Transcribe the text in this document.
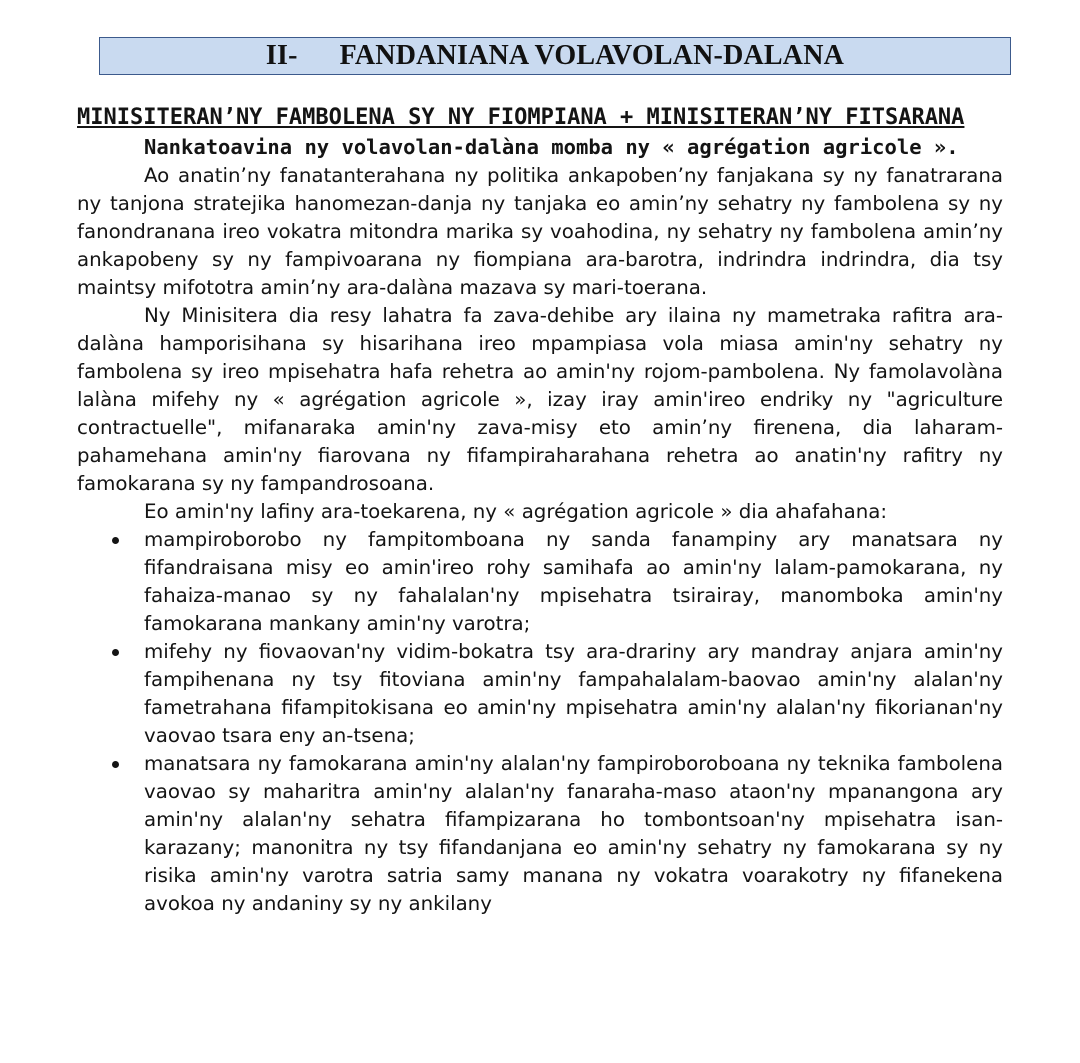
II- FANDANIANA VOLAVOLAN-DALANA

MINISITERAN’NY FAMBOLENA SY NY FIOMPIANA + MINISITERAN’NY FITSARANA

Nankatoavina ny volavolan-dalàna momba ny « agrégation agricole ».

Ao anatin’ny fanatanterahana ny politika ankapoben’ny fanjakana sy ny fanatrarana ny tanjona stratejika hanomezan-danja ny tanjaka eo amin’ny sehatry ny fambolena sy ny fanondranana ireo vokatra mitondra marika sy voahodina, ny sehatry ny fambolena amin’ny ankapobeny sy ny fampivoarana ny fiompiana ara-barotra, indrindra indrindra, dia tsy maintsy mifototra amin’ny ara-dalàna mazava sy mari-toerana.

Ny Minisitera dia resy lahatra fa zava-dehibe ary ilaina ny mametraka rafitra ara-dalàna hamporisihana sy hisarihana ireo mpampiasa vola miasa amin'ny sehatry ny fambolena sy ireo mpisehatra hafa rehetra ao amin'ny rojom-pambolena. Ny famolavolàna lalàna mifehy ny « agrégation agricole », izay iray amin'ireo endriky ny "agriculture contractuelle", mifanaraka amin'ny zava-misy eto amin’ny firenena, dia laharam-pahamehana amin'ny fiarovana ny fifampiraharahana rehetra ao anatin'ny rafitry ny famokarana sy ny fampandrosoana.

Eo amin'ny lafiny ara-toekarena, ny « agrégation agricole » dia ahafahana:

mampiroborobo ny fampitomboana ny sanda fanampiny ary manatsara ny fifandraisana misy eo amin'ireo rohy samihafa ao amin'ny lalam-pamokarana, ny fahaiza-manao sy ny fahalalan'ny mpisehatra tsirairay, manomboka amin'ny famokarana mankany amin'ny varotra;
mifehy ny fiovaovan'ny vidim-bokatra tsy ara-drariny ary mandray anjara amin'ny fampihenana ny tsy fitoviana amin'ny fampahalalam-baovao amin'ny alalan'ny fametrahana fifampitokisana eo amin'ny mpisehatra amin'ny alalan'ny fikorianan'ny vaovao tsara eny an-tsena;
manatsara ny famokarana amin'ny alalan'ny fampiroboroboana ny teknika fambolena vaovao sy maharitra amin'ny alalan'ny fanaraha-maso ataon'ny mpanangona ary amin'ny alalan'ny sehatra fifampizarana ho tombontsoan'ny mpisehatra isan-karazany; manonitra ny tsy fifandanjana eo amin'ny sehatry ny famokarana sy ny risika amin'ny varotra satria samy manana ny vokatra voarakotry ny fifanekena avokoa ny andaniny sy ny ankilany
